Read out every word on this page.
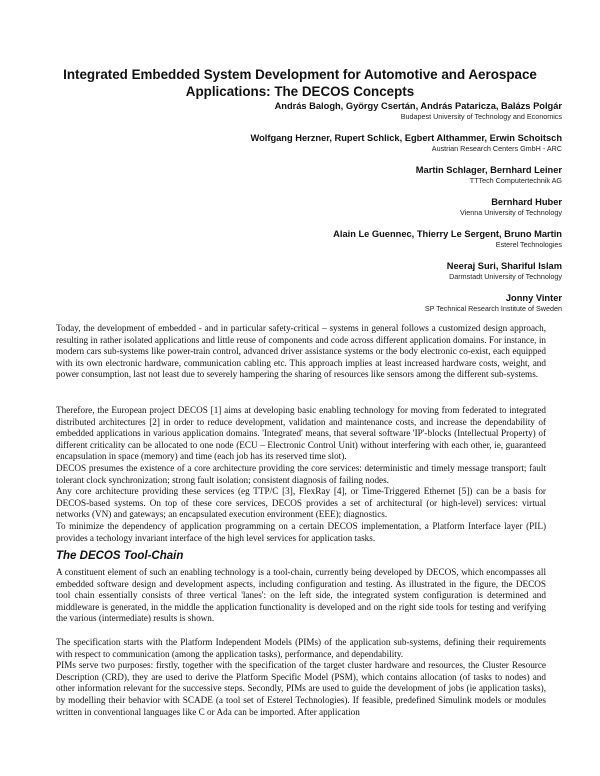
Integrated Embedded System Development for Automotive and Aerospace
Applications: The DECOS Concepts
András Balogh, György Csertán, András Pataricza, Balázs Polgár
Budapest University of Technology and Economics
Wolfgang Herzner, Rupert Schlick, Egbert Althammer, Erwin Schoitsch
Austrian Research Centers GmbH - ARC
Martin Schlager, Bernhard Leiner
TTTech Computertechnik AG
Bernhard Huber
Vienna University of Technology
Alain Le Guennec, Thierry Le Sergent, Bruno Martin
Esterel Technologies
Neeraj Suri, Shariful Islam
Darmstadt University of Technology
Jonny Vinter
SP Technical Research Institute of Sweden

Today, the development of embedded - and in particular safety-critical – systems in general follows a customized design approach, resulting in rather isolated applications and little reuse of components and code across different application domains. For instance, in modern cars sub-systems like power-train control, advanced driver assistance systems or the body electronic co-exist, each equipped with its own electronic hardware, communication cabling etc. This approach implies at least increased hardware costs, weight, and power consumption, last not least due to severely hampering the sharing of resources like sensors among the different sub-systems.

Therefore, the European project DECOS [1] aims at developing basic enabling technology for moving from federated to integrated distributed architectures [2] in order to reduce development, validation and maintenance costs, and increase the dependability of embedded applications in various application domains. 'Integrated' means, that several software 'IP'-blocks (Intellectual Property) of different criticality can be allocated to one node (ECU – Electronic Control Unit) without interfering with each other, ie, guaranteed encapsulation in space (memory) and time (each job has its reserved time slot).

DECOS presumes the existence of a core architecture providing the core services: deterministic and timely message transport; fault tolerant clock synchronization; strong fault isolation; consistent diagnosis of failing nodes.

Any core architecture providing these services (eg TTP/C [3], FlexRay [4], or Time-Triggered Ethernet [5]) can be a basis for DECOS-based systems. On top of these core services, DECOS provides a set of architectural (or high-level) services: virtual networks (VN) and gateways; an encapsulated execution environment (EEE); diagnostics.

To minimize the dependency of application programming on a certain DECOS implementation, a Platform Interface layer (PIL) provides a techology invariant interface of the high level services for application tasks.

The DECOS Tool-Chain

A constituent element of such an enabling technology is a tool-chain, currently being developed by DECOS, which encompasses all embedded software design and development aspects, including configuration and testing. As illustrated in the figure, the DECOS tool chain essentially consists of three vertical 'lanes': on the left side, the integrated system configuration is determined and middleware is generated, in the middle the application functionality is developed and on the right side tools for testing and verifying the various (intermediate) results is shown.

The specification starts with the Platform Independent Models (PIMs) of the application sub-systems, defining their requirements with respect to communication (among the application tasks), performance, and dependability.

PIMs serve two purposes: firstly, together with the specification of the target cluster hardware and resources, the Cluster Resource Description (CRD), they are used to derive the Platform Specific Model (PSM), which contains allocation (of tasks to nodes) and other information relevant for the successive steps. Secondly, PIMs are used to guide the development of jobs (ie application tasks), by modelling their behavior with SCADE (a tool set of Esterel Technologies). If feasible, predefined Simulink models or modules written in conventional languages like C or Ada can be imported. After application
